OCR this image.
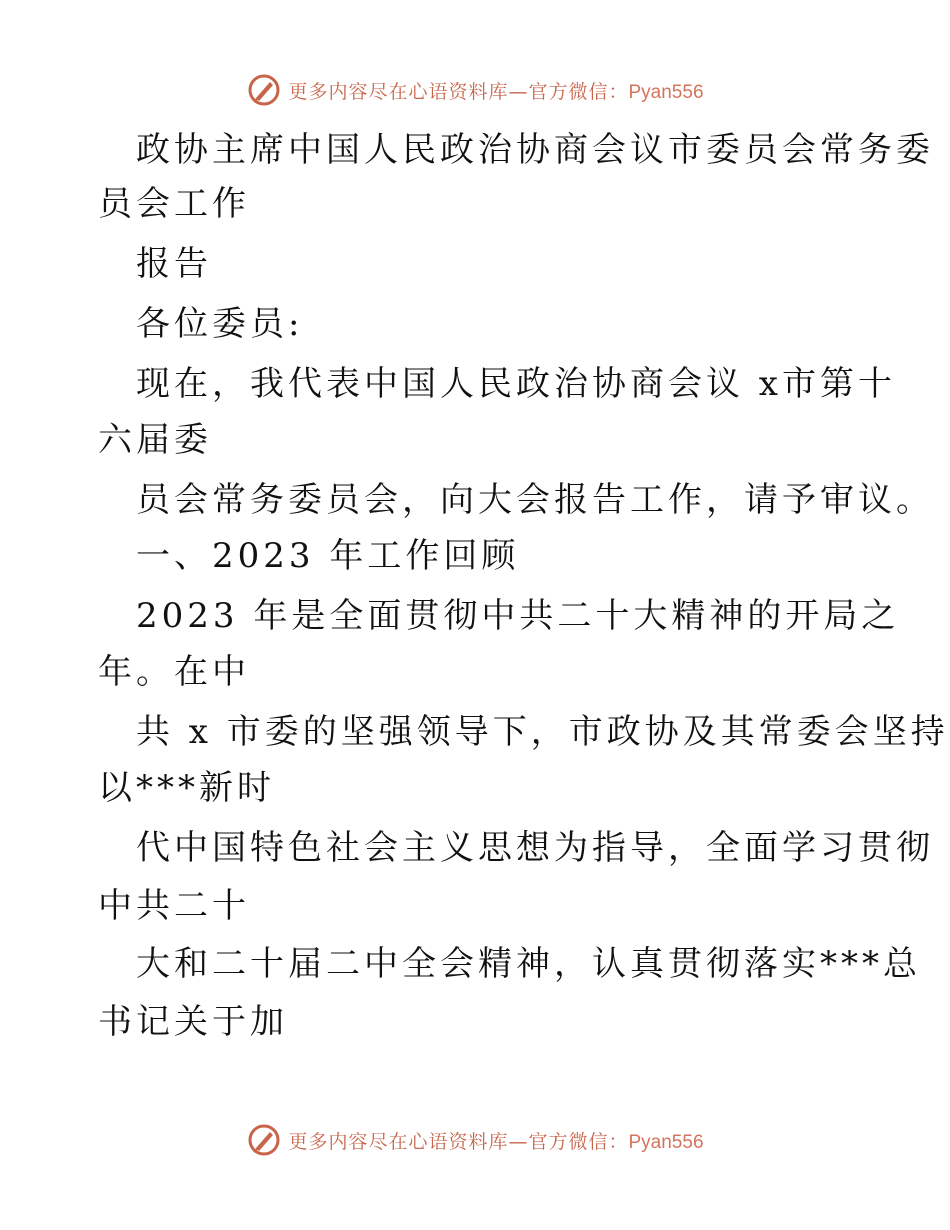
更多内容尽在心语资料库—官方微信：Pyan556
政协主席中国人民政治协商会议市委员会常务委
员会工作
报告
各位委员:
现在，我代表中国人民政治协商会议 x市第十
六届委
员会常务委员会，向大会报告工作，请予审议。
一、2023 年工作回顾
2023 年是全面贯彻中共二十大精神的开局之
年。在中
共 x 市委的坚强领导下，市政协及其常委会坚持
以***新时
代中国特色社会主义思想为指导，全面学习贯彻
中共二十
大和二十届二中全会精神，认真贯彻落实***总
书记关于加
更多内容尽在心语资料库—官方微信：Pyan556
